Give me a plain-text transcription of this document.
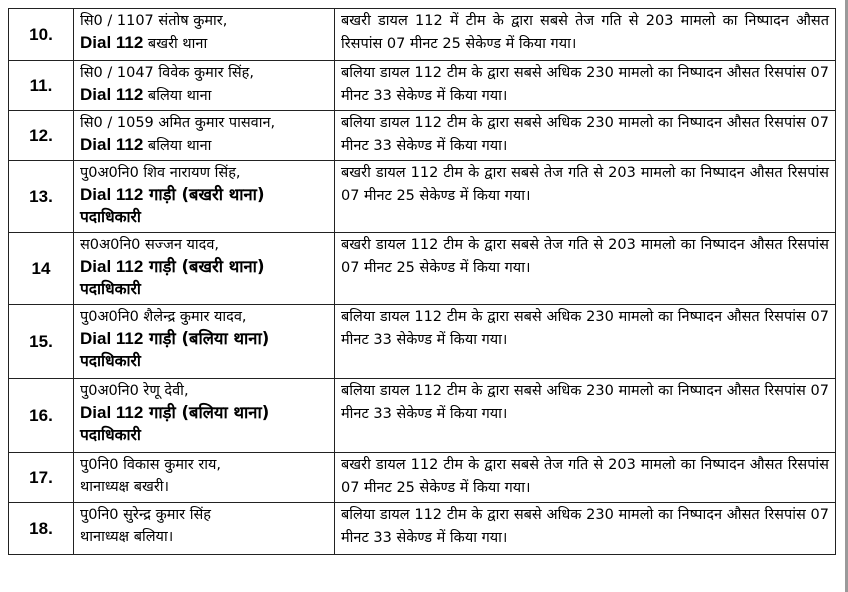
10.	सि0 / 1107 संतोष कुमार,
Dial 112 बखरी थाना	बखरी डायल 112 में टीम के द्वारा सबसे तेज गति से 203 मामलो का निष्पादन औसत रिसपांस 07 मीनट 25 सेकेण्ड में किया गया।
11.	सि0 / 1047 विवेक कुमार सिंह,
Dial 112 बलिया थाना	बलिया डायल 112 टीम के द्वारा सबसे अधिक 230 मामलो का निष्पादन औसत रिसपांस 07 मीनट 33 सेकेण्ड में किया गया।
12.	सि0 / 1059 अमित कुमार पासवान,
Dial 112 बलिया थाना	बलिया डायल 112 टीम के द्वारा सबसे अधिक 230 मामलो का निष्पादन औसत रिसपांस 07 मीनट 33 सेकेण्ड में किया गया।
13.	पु0अ0नि0 शिव नारायण सिंह,
Dial 112 गाड़ी (बखरी थाना)
पदाधिकारी	बखरी डायल 112 टीम के द्वारा सबसे तेज गति से 203 मामलो का निष्पादन औसत रिसपांस 07 मीनट 25 सेकेण्ड में किया गया।
14	स0अ0नि0 सज्जन यादव,
Dial 112 गाड़ी (बखरी थाना)
पदाधिकारी	बखरी डायल 112 टीम के द्वारा सबसे तेज गति से 203 मामलो का निष्पादन औसत रिसपांस 07 मीनट 25 सेकेण्ड में किया गया।
15.	पु0अ0नि0 शैलेन्द्र कुमार यादव,
Dial 112 गाड़ी (बलिया थाना)
पदाधिकारी	बलिया डायल 112 टीम के द्वारा सबसे अधिक 230 मामलो का निष्पादन औसत रिसपांस 07 मीनट 33 सेकेण्ड में किया गया।
16.	पु0अ0नि0 रेणू देवी,
Dial 112 गाड़ी (बलिया थाना)
पदाधिकारी	बलिया डायल 112 टीम के द्वारा सबसे अधिक 230 मामलो का निष्पादन औसत रिसपांस 07 मीनट 33 सेकेण्ड में किया गया।
17.	पु0नि0 विकास कुमार राय,
थानाध्यक्ष बखरी।	बखरी डायल 112 टीम के द्वारा सबसे तेज गति से 203 मामलो का निष्पादन औसत रिसपांस 07 मीनट 25 सेकेण्ड में किया गया।
18.	पु0नि0 सुरेन्द्र कुमार सिंह
थानाध्यक्ष बलिया।	बलिया डायल 112 टीम के द्वारा सबसे अधिक 230 मामलो का निष्पादन औसत रिसपांस 07 मीनट 33 सेकेण्ड में किया गया।
